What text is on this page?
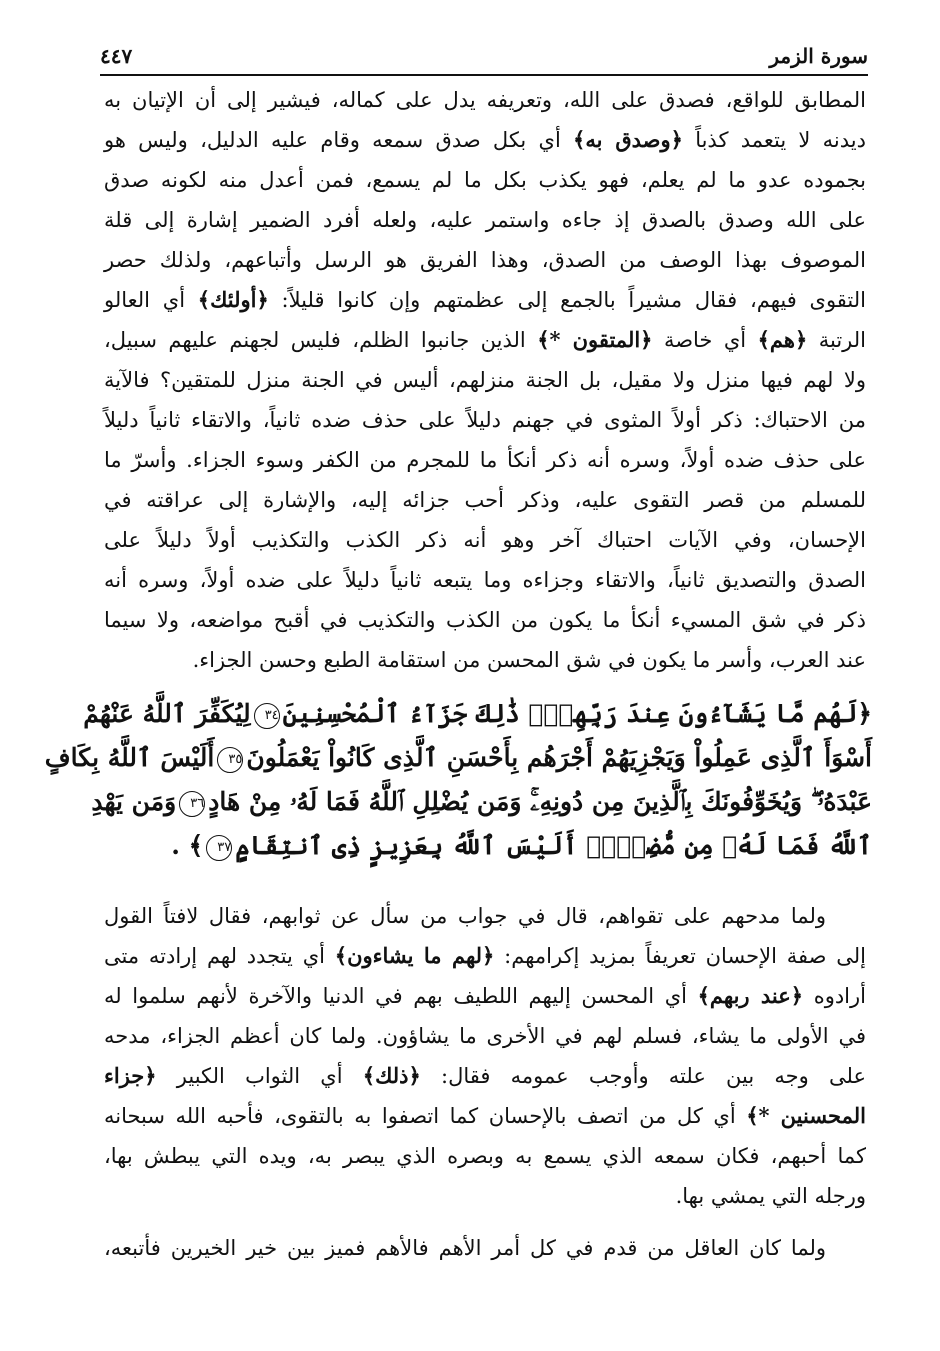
سورة الزمر
٤٤٧
المطابق للواقع، فصدق على الله، وتعريفه يدل على كماله، فيشير إلى أن الإتيان به
ديدنه لا يتعمد كذباً ﴿وصدق به﴾ أي بكل صدق سمعه وقام عليه الدليل، وليس هو
بجموده عدو ما لم يعلم، فهو يكذب بكل ما لم يسمع، فمن أعدل منه لكونه صدق
على الله وصدق بالصدق إذ جاءه واستمر عليه، ولعله أفرد الضمير إشارة إلى قلة
الموصوف بهذا الوصف من الصدق، وهذا الفريق هو الرسل وأتباعهم، ولذلك حصر
التقوى فيهم، فقال مشيراً بالجمع إلى عظمتهم وإن كانوا قليلاً: ﴿أولئك﴾ أي العالو
الرتبة ﴿هم﴾ أي خاصة ﴿المتقون *﴾ الذين جانبوا الظلم، فليس لجهنم عليهم سبيل،
ولا لهم فيها منزل ولا مقيل، بل الجنة منزلهم، أليس في الجنة منزل للمتقين؟ فالآية
من الاحتباك: ذكر أولاً المثوى في جهنم دليلاً على حذف ضده ثانياً، والاتقاء ثانياً دليلاً
على حذف ضده أولاً، وسره أنه ذكر أنكأ ما للمجرم من الكفر وسوء الجزاء. وأسرّ ما
للمسلم من قصر التقوى عليه، وذكر أحب جزائه إليه، والإشارة إلى عراقته في
الإحسان، وفي الآيات احتباك آخر وهو أنه ذكر الكذب والتكذيب أولاً دليلاً على
الصدق والتصديق ثانياً، والاتقاء وجزاءه وما يتبعه ثانياً دليلاً على ضده أولاً، وسره أنه
ذكر في شق المسيء أنكأ ما يكون من الكذب والتكذيب في أقبح مواضعه، ولا سيما
عند العرب، وأسر ما يكون في شق المحسن من استقامة الطبع وحسن الجزاء.
﴿لَهُم مَّا يَشَآءُونَ عِندَ رَبِّهِمْۚ ذَٰلِكَ جَزَآءُ ٱلْمُحْسِنِينَ٣٤لِيُكَفِّرَ ٱللَّهُ عَنْهُمْ
أَسْوَأَ ٱلَّذِى عَمِلُواْ وَيَجْزِيَهُمْ أَجْرَهُم بِأَحْسَنِ ٱلَّذِى كَانُواْ يَعْمَلُونَ٣٥أَلَيْسَ ٱللَّهُ بِكَافٍ
عَبْدَهُۥ ۖ وَيُخَوِّفُونَكَ بِٱلَّذِينَ مِن دُونِهِۦۚ وَمَن يُضْلِلِ ٱللَّهُ فَمَا لَهُۥ مِنْ هَادٍ٣٦وَمَن يَهْدِ
ٱللَّهُ فَمَا لَهُۥ مِن مُّضِلٍّۗ أَلَيْسَ ٱللَّهُ بِعَزِيزٍ ذِى ٱنتِقَامٍ٣٧﴾ .
ولما مدحهم على تقواهم، قال في جواب من سأل عن ثوابهم، فقال لافتاً القول
إلى صفة الإحسان تعريفاً بمزيد إكرامهم: ﴿لهم ما يشاءون﴾ أي يتجدد لهم إرادته متى
أرادوه ﴿عند ربهم﴾ أي المحسن إليهم اللطيف بهم في الدنيا والآخرة لأنهم سلموا له
في الأولى ما يشاء، فسلم لهم في الأخرى ما يشاؤون. ولما كان أعظم الجزاء، مدحه
على وجه بين علته وأوجب عمومه فقال: ﴿ذلك﴾ أي الثواب الكبير ﴿جزاء
المحسنين *﴾ أي كل من اتصف بالإحسان كما اتصفوا به بالتقوى، فأحبه الله سبحانه
كما أحبهم، فكان سمعه الذي يسمع به وبصره الذي يبصر به، ويده التي يبطش بها،
ورجله التي يمشي بها.
ولما كان العاقل من قدم في كل أمر الأهم فالأهم فميز بين خير الخيرين فأتبعه،
